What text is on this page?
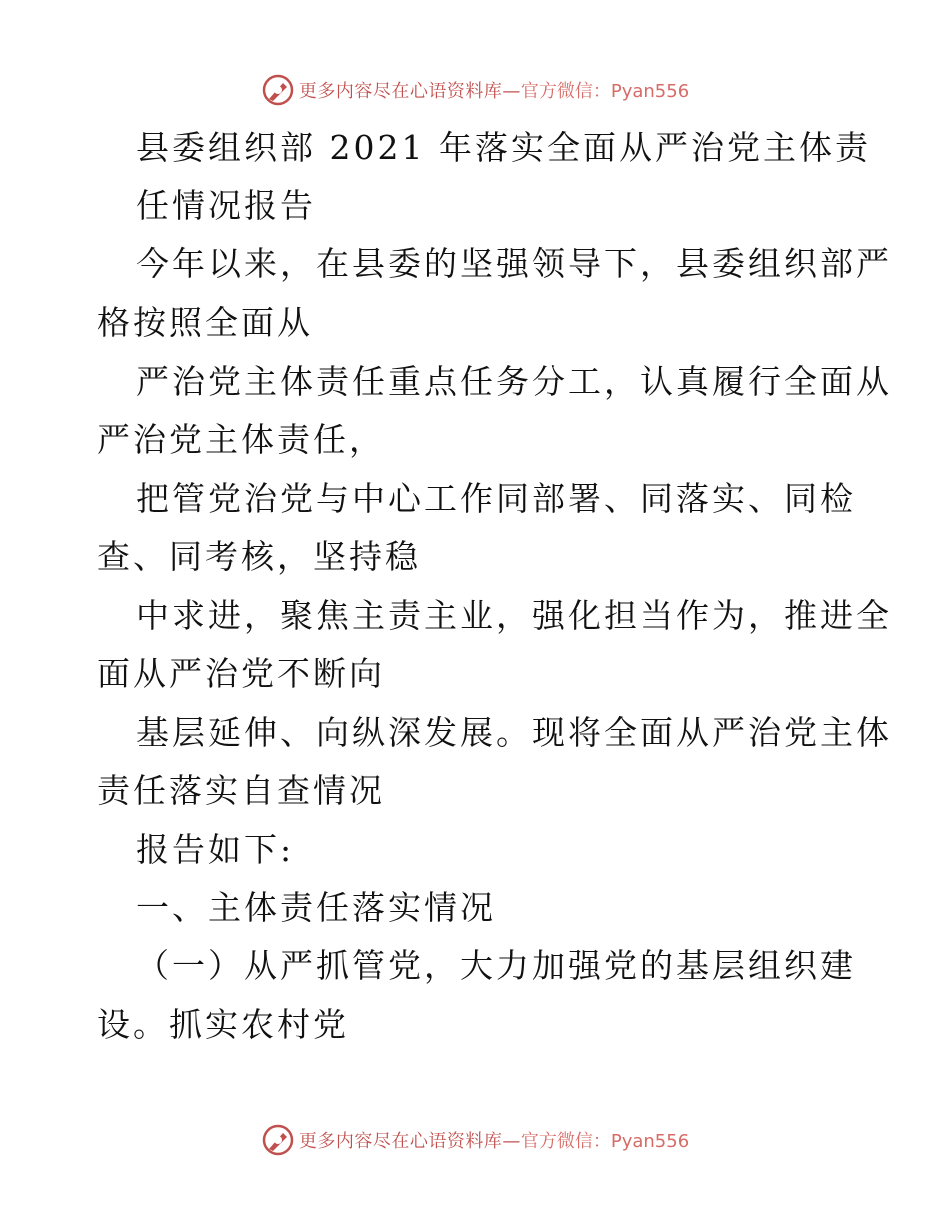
更多内容尽在心语资料库— 官方微信：Pyan556
县委组织部 2021 年落实全面从严治党主体责
任情况报告
今年以来，在县委的坚强领导下，县委组织部严
格按照全面从
严治党主体责任重点任务分工，认真履行全面从
严治党主体责任，
把管党治党与中心工作同部署、同落实、同检
查、同考核，坚持稳
中求进，聚焦主责主业，强化担当作为，推进全
面从严治党不断向
基层延伸、向纵深发展。现将全面从严治党主体
责任落实自查情况
报告如下:
一、主体责任落实情况
（一）从严抓管党，大力加强党的基层组织建
设。抓实农村党
更多内容尽在心语资料库— 官方微信：Pyan556
